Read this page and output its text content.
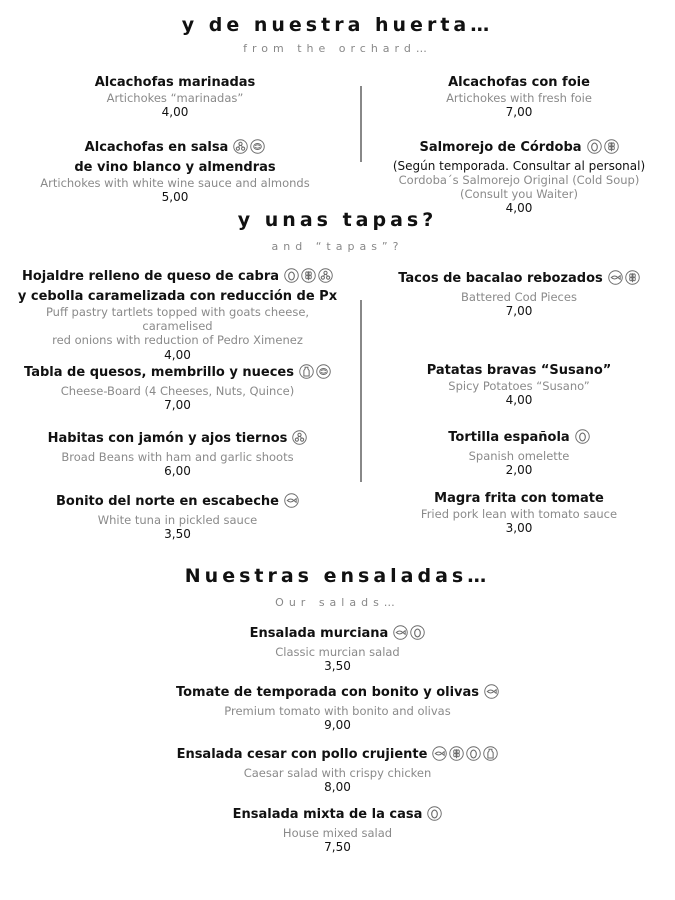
y de nuestra huerta…
from the orchard…
Alcachofas marinadas
Artichokes “marinadas”
4,00
Alcachofas con foie
Artichokes with fresh foie
7,00
Alcachofas en salsa
de vino blanco y almendras
Artichokes with white wine sauce and almonds
5,00
Salmorejo de Córdoba
(Según temporada. Consultar al personal)
Cordoba´s Salmorejo Original (Cold Soup)
(Consult you Waiter)
4,00
y unas tapas?
and “tapas”?
Hojaldre relleno de queso de cabra
y cebolla caramelizada con reducción de Px
Puff pastry tartlets topped with goats cheese, caramelised
red onions with reduction of Pedro Ximenez
4,00
Tacos de bacalao rebozados
Battered Cod Pieces
7,00
Tabla de quesos, membrillo y nueces
Cheese-Board (4 Cheeses, Nuts, Quince)
7,00
Patatas bravas “Susano”
Spicy Potatoes “Susano”
4,00
Habitas con jamón y ajos tiernos
Broad Beans with ham and garlic shoots
6,00
Tortilla española
Spanish omelette
2,00
Bonito del norte en escabeche
White tuna in pickled sauce
3,50
Magra frita con tomate
Fried pork lean with tomato sauce
3,00
Nuestras ensaladas…
Our salads…
Ensalada murciana
Classic murcian salad
3,50
Tomate de temporada con bonito y olivas
Premium tomato with bonito and olivas
9,00
Ensalada cesar con pollo crujiente
Caesar salad with crispy chicken
8,00
Ensalada mixta de la casa
House mixed salad
7,50
